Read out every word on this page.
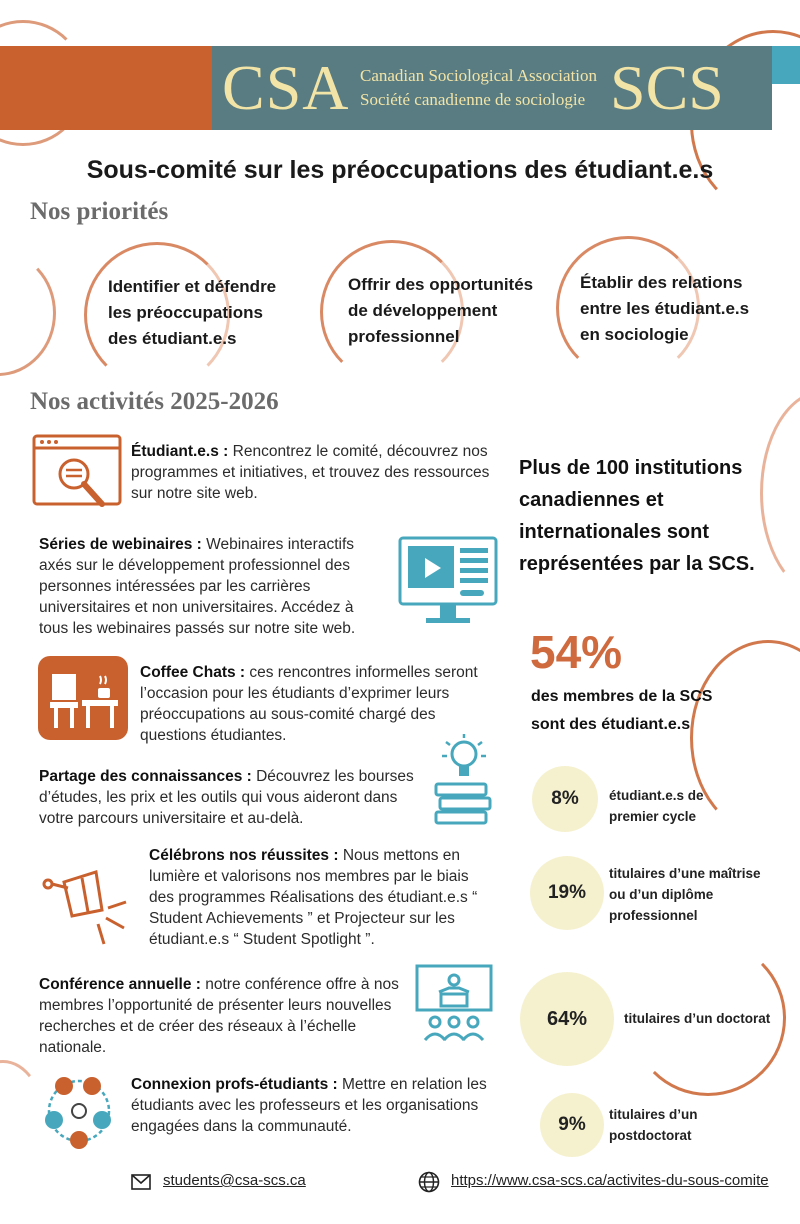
CSA Canadian Sociological Association
Société canadienne de sociologie SCS
Sous-comité sur les préoccupations des étudiant.e.s
Nos priorités
Identifier et défendre
les préoccupations
des étudiant.e.s
Offrir des opportunités
de développement
professionnel
Établir des relations
entre les étudiant.e.s
en sociologie
Nos activités 2025-2026
Étudiant.e.s : Rencontrez le comité, découvrez nos programmes et initiatives, et trouvez des ressources sur notre site web.
Séries de webinaires : Webinaires interactifs axés sur le développement professionnel des personnes intéressées par les carrières universitaires et non universitaires. Accédez à tous les webinaires passés sur notre site web.
Coffee Chats : ces rencontres informelles seront l’occasion pour les étudiants d’exprimer leurs préoccupations au sous-comité chargé des questions étudiantes.
Partage des connaissances : Découvrez les bourses d’études, les prix et les outils qui vous aideront dans votre parcours universitaire et au-delà.
Célébrons nos réussites : Nous mettons en lumière et valorisons nos membres par le biais des programmes Réalisations des étudiant.e.s “ Student Achievements ” et Projecteur sur les étudiant.e.s “ Student Spotlight ”.
Conférence annuelle : notre conférence offre à nos membres l’opportunité de présenter leurs nouvelles recherches et de créer des réseaux à l’échelle nationale.
Connexion profs-étudiants : Mettre en relation les étudiants avec les professeurs et les organisations engagées dans la communauté.
Plus de 100 institutions canadiennes et internationales sont représentées par la SCS.
54%
des membres de la SCS sont des étudiant.e.s
8%	étudiant.e.s de premier cycle
19%
titulaires d’une maîtrise ou d’un diplôme professionnel
64%	titulaires d’un doctorat
9%	titulaires d’un postdoctorat
students@csa-scs.ca	https://www.csa-scs.ca/activites-du-sous-comite
